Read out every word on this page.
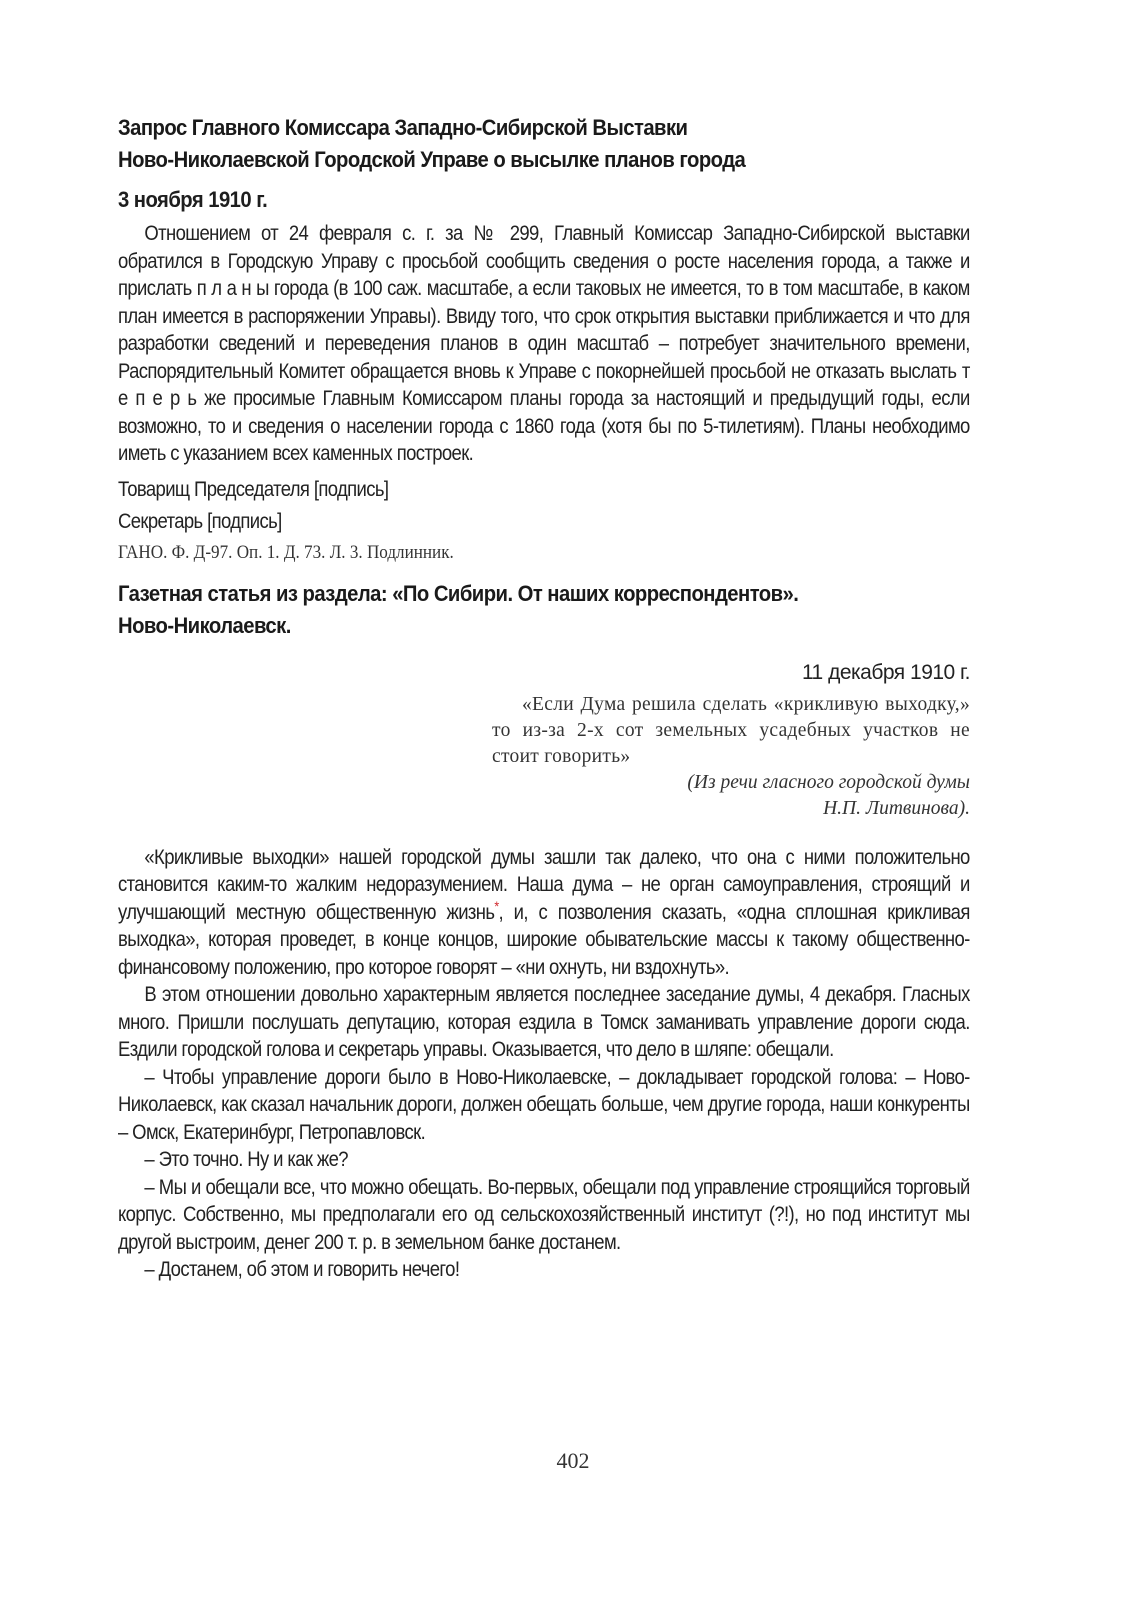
Запрос Главного Комиссара Западно-Сибирской Выставки
Ново-Николаевской Городской Управе о высылке планов города
3 ноября 1910 г.

Отношением от 24 февраля с. г. за № 299, Главный Комиссар Западно-Сибирской выставки обратился в Городскую Управу с просьбой сообщить сведения о росте населения города, а также и прислать п л а н ы города (в 100 саж. масштабе, а если таковых не имеется, то в том масштабе, в каком план имеется в распоряжении Управы). Ввиду того, что срок открытия выставки приближается и что для разработки сведений и переведения планов в один масштаб – потребует значительного времени, Распорядительный Комитет обращается вновь к Управе с покорнейшей просьбой не отказать выслать т е п е р ь же просимые Главным Комиссаром планы города за настоящий и предыдущий годы, если возможно, то и сведения о населении города с 1860 года (хотя бы по 5-тилетиям). Планы необходимо иметь с указанием всех каменных построек.

Товарищ Председателя [подпись]

Секретарь [подпись]

ГАНО. Ф. Д-97. Оп. 1. Д. 73. Л. 3. Подлинник.

Газетная статья из раздела: «По Сибири. От наших корреспондентов».
Ново-Николаевск.
11 декабря 1910 г.

«Если Дума решила сделать «крикливую выходку,» то из-за 2-х сот земельных усадебных участков не стоит говорить»

(Из речи гласного городской думы

Н.П. Литвинова).

«Крикливые выходки» нашей городской думы зашли так далеко, что она с ними положительно становится каким-то жалким недоразумением. Наша дума – не орган самоуправления, строящий и улучшающий местную общественную жизнь*, и, с позволения сказать, «одна сплошная крикливая выходка», которая проведет, в конце концов, широкие обывательские массы к такому общественно-финансовому положению, про которое говорят – «ни охнуть, ни вздохнуть».

В этом отношении довольно характерным является последнее заседание думы, 4 декабря. Гласных много. Пришли послушать депутацию, которая ездила в Томск заманивать управление дороги сюда. Ездили городской голова и секретарь управы. Оказывается, что дело в шляпе: обещали.

– Чтобы управление дороги было в Ново-Николаевске, – докладывает городской голова: – Ново-Николаевск, как сказал начальник дороги, должен обещать больше, чем другие города, наши конкуренты – Омск, Екатеринбург, Петропавловск.

– Это точно. Ну и как же?

– Мы и обещали все, что можно обещать. Во-первых, обещали под управление строящийся торговый корпус. Собственно, мы предполагали его од сельскохозяйственный институт (?!), но под институт мы другой выстроим, денег 200 т. р. в земельном банке достанем.

– Достанем, об этом и говорить нечего!

402
